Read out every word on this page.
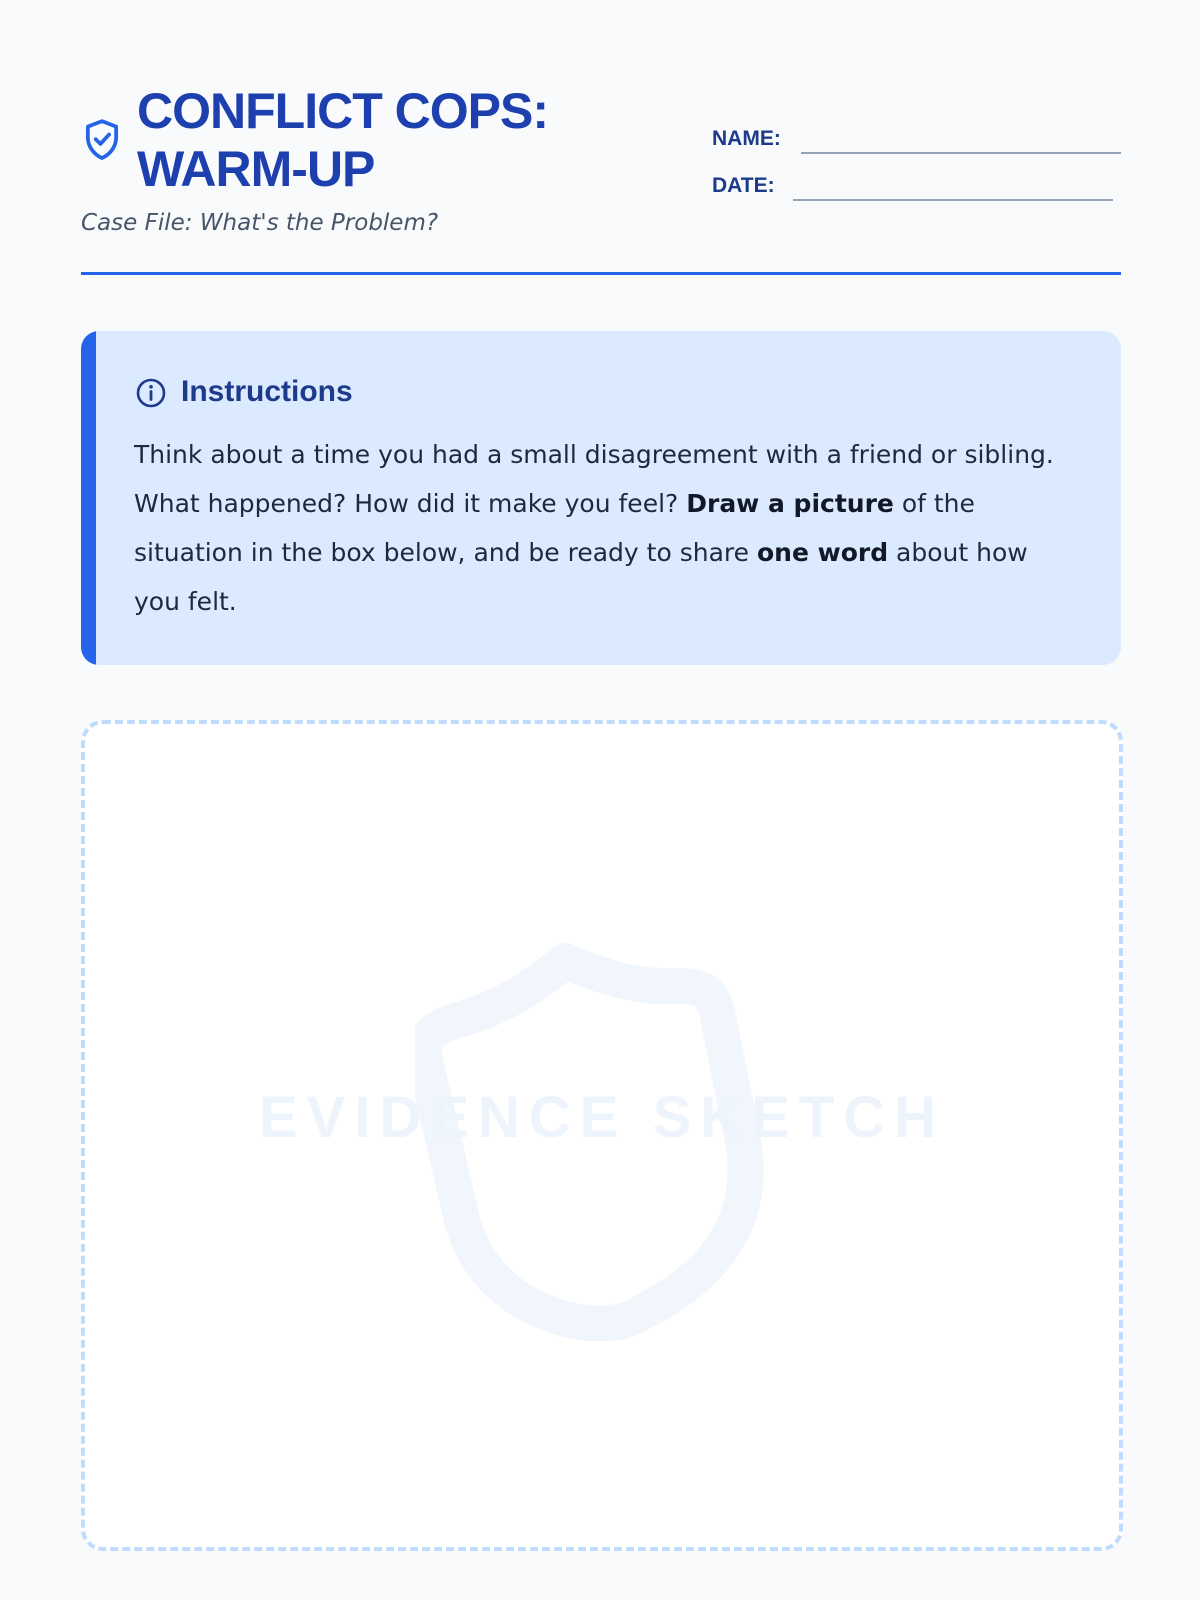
CONFLICT COPS: WARM-UP

Case File: What's the Problem?

NAME:
DATE:
Instructions

Think about a time you had a small disagreement with a friend or sibling. What happened? How did it make you feel? Draw a picture of the situation in the box below, and be ready to share one word about how you felt.

EVIDENCE SKETCH
